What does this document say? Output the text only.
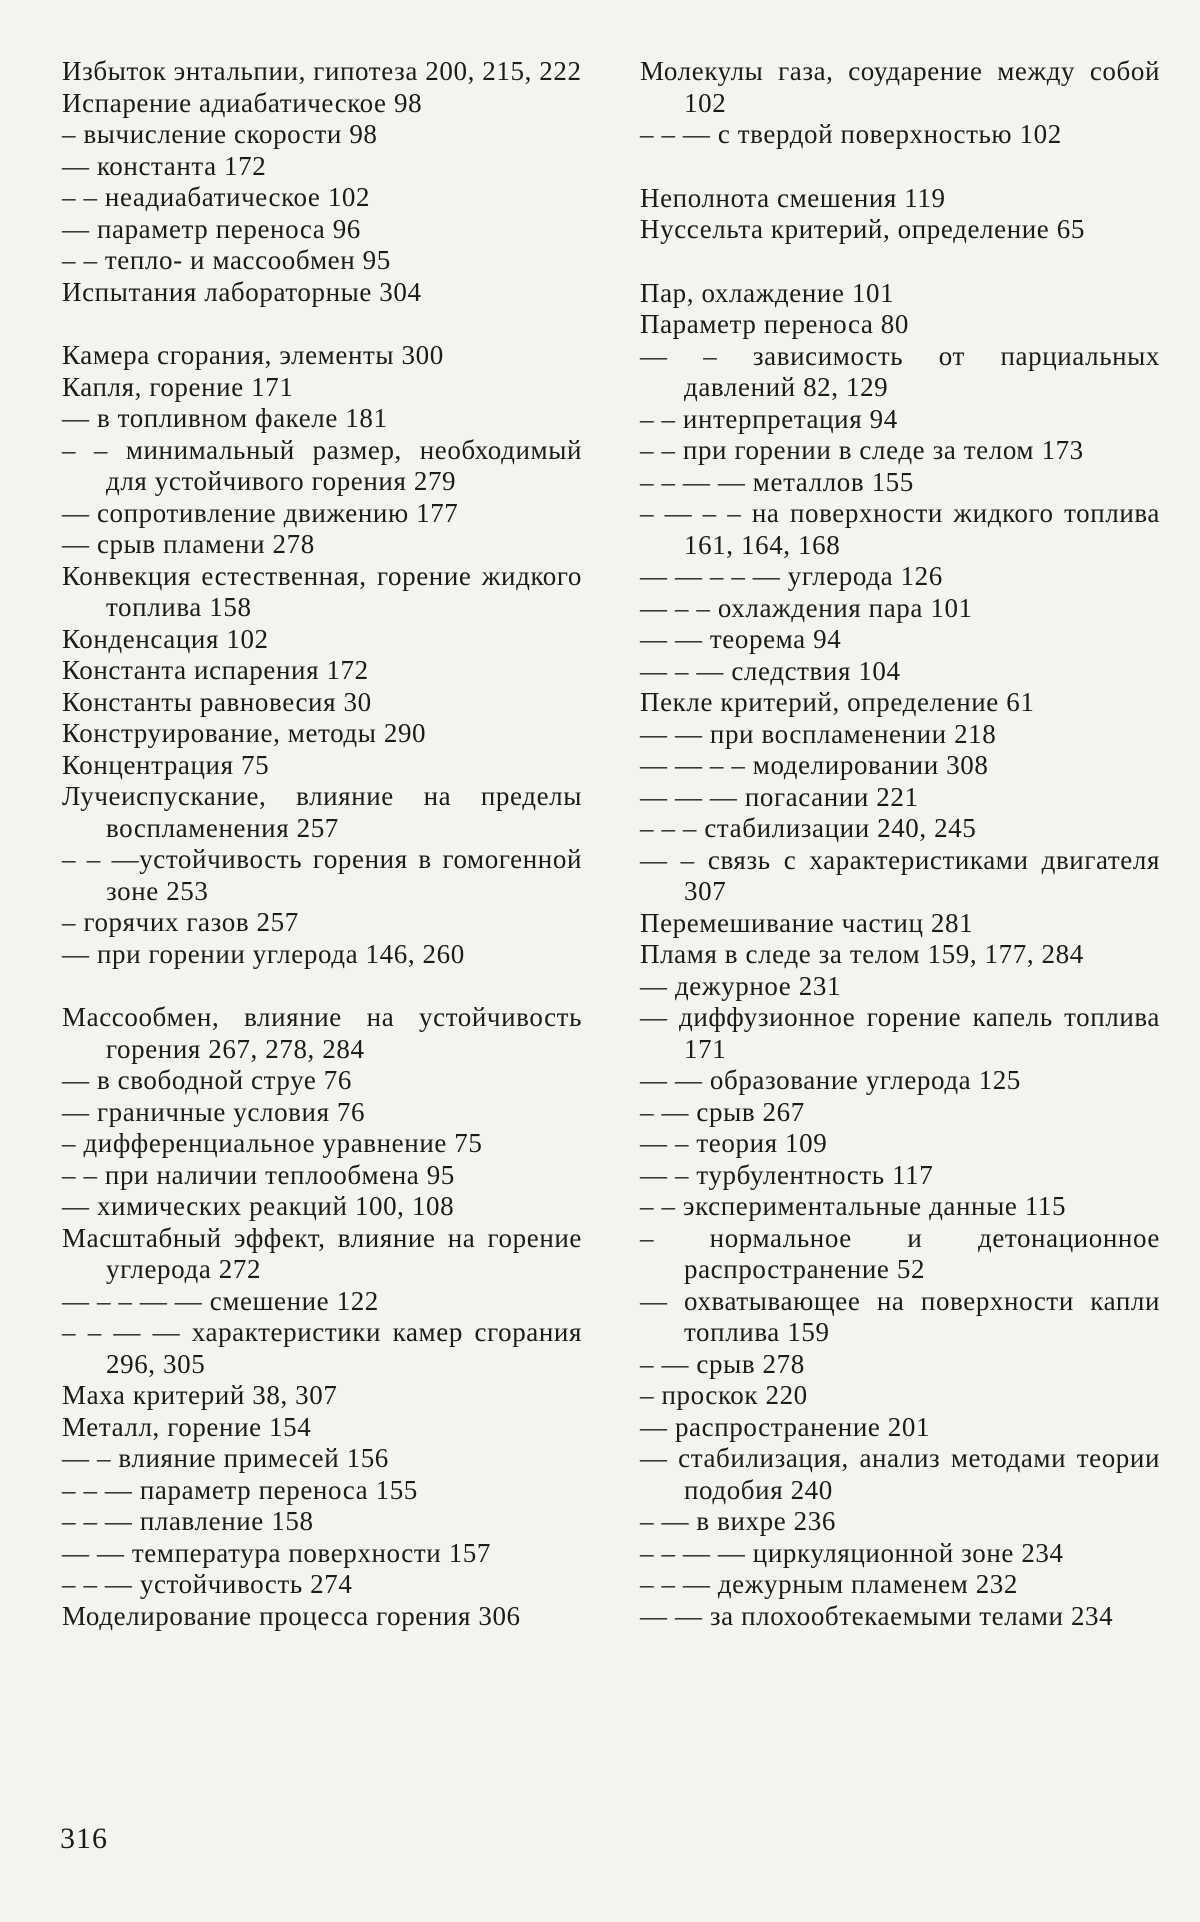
Избыток энтальпии, гипотеза 200, 215, 222

Испарение адиабатическое 98

– вычисление скорости 98

— константа 172

– – неадиабатическое 102

— параметр переноса 96

– – тепло- и массообмен 95

Испытания лабораторные 304

Камера сгорания, элементы 300

Капля, горение 171

— в топливном факеле 181

– – минимальный размер, необходимый для устойчивого горения 279

— сопротивление движению 177

— срыв пламени 278

Конвекция естественная, горение жидкого топлива 158

Конденсация 102

Константа испарения 172

Константы равновесия 30

Конструирование, методы 290

Концентрация 75

Лучеиспускание, влияние на пределы воспламенения 257

– – —устойчивость горения в гомогенной зоне 253

– горячих газов 257

— при горении углерода 146, 260

Массообмен, влияние на устойчивость горения 267, 278, 284

— в свободной струе 76

— граничные условия 76

– дифференциальное уравнение 75

– – при наличии теплообмена 95

— химических реакций 100, 108

Масштабный эффект, влияние на горение углерода 272

— – – — — смешение 122

– – — — характеристики камер сгорания 296, 305

Маха критерий 38, 307

Металл, горение 154

— – влияние примесей 156

– – — параметр переноса 155

– – — плавление 158

— — температура поверхности 157

– – — устойчивость 274

Моделирование процесса горения 306

Молекулы газа, соударение между собой 102

– – — с твердой поверхностью 102

Неполнота смешения 119

Нуссельта критерий, определение 65

Пар, охлаждение 101

Параметр переноса 80

— – зависимость от парциальных давлений 82, 129

– – интерпретация 94

– – при горении в следе за телом 173

– – — — металлов 155

– — – – на поверхности жидкого топлива 161, 164, 168

— — – – — углерода 126

— – – охлаждения пара 101

— — теорема 94

— – — следствия 104

Пекле критерий, определение 61

— — при воспламенении 218

— — – – моделировании 308

— — — погасании 221

– – – стабилизации 240, 245

— – связь с характеристиками двигателя 307

Перемешивание частиц 281

Пламя в следе за телом 159, 177, 284

— дежурное 231

— диффузионное горение капель топлива 171

— — образование углерода 125

– — срыв 267

— – теория 109

— – турбулентность 117

– – экспериментальные данные 115

– нормальное и детонационное распространение 52

— охватывающее на поверхности капли топлива 159

– — срыв 278

– проскок 220

— распространение 201

— стабилизация, анализ методами теории подобия 240

– — в вихре 236

– – — — циркуляционной зоне 234

– – — дежурным пламенем 232

— — за плохообтекаемыми телами 234

316
